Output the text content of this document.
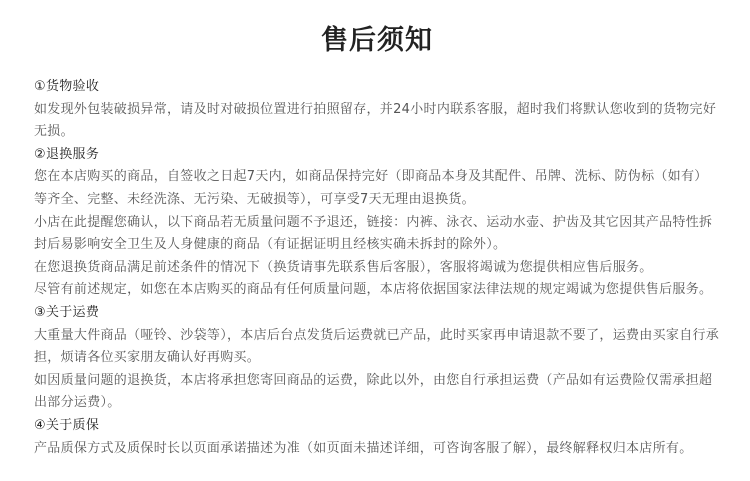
售后须知

①货物验收

如发现外包装破损异常，请及时对破损位置进行拍照留存，并24小时内联系客服，超时我们将默认您收到的货物完好无损。

②退换服务

您在本店购买的商品，自签收之日起7天内，如商品保持完好（即商品本身及其配件、吊牌、洗标、防伪标（如有）等齐全、完整、未经洗涤、无污染、无破损等），可享受7天无理由退换货。

小店在此提醒您确认，以下商品若无质量问题不予退还，链接：内裤、泳衣、运动水壶、护齿及其它因其产品特性拆封后易影响安全卫生及人身健康的商品（有证据证明且经核实确未拆封的除外）。

在您退换货商品满足前述条件的情况下（换货请事先联系售后客服），客服将竭诚为您提供相应售后服务。

尽管有前述规定，如您在本店购买的商品有任何质量问题，本店将依据国家法律法规的规定竭诚为您提供售后服务。

③关于运费

大重量大件商品（哑铃、沙袋等），本店后台点发货后运费就已产品，此时买家再申请退款不要了，运费由买家自行承担，烦请各位买家朋友确认好再购买。

如因质量问题的退换货，本店将承担您寄回商品的运费，除此以外，由您自行承担运费（产品如有运费险仅需承担超出部分运费）。

④关于质保

产品质保方式及质保时长以页面承诺描述为准（如页面未描述详细，可咨询客服了解），最终解释权归本店所有。
